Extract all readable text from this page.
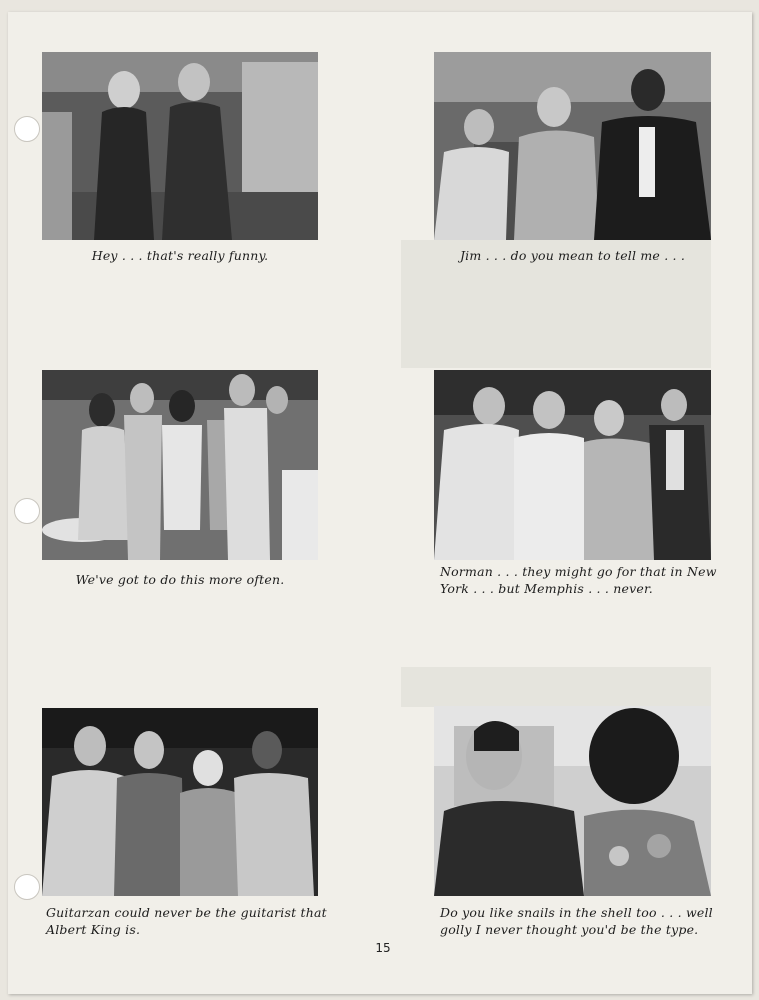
Hey . . . that's really funny.	Jim . . . do you mean to tell me . . .
We've got to do this more often.
Norman . . . they might go for that in New
York . . . but Memphis . . . never.
Guitarzan could never be the guitarist that
Albert King is.
Do you like snails in the shell too . . . well
golly I never thought you'd be the type.
15
